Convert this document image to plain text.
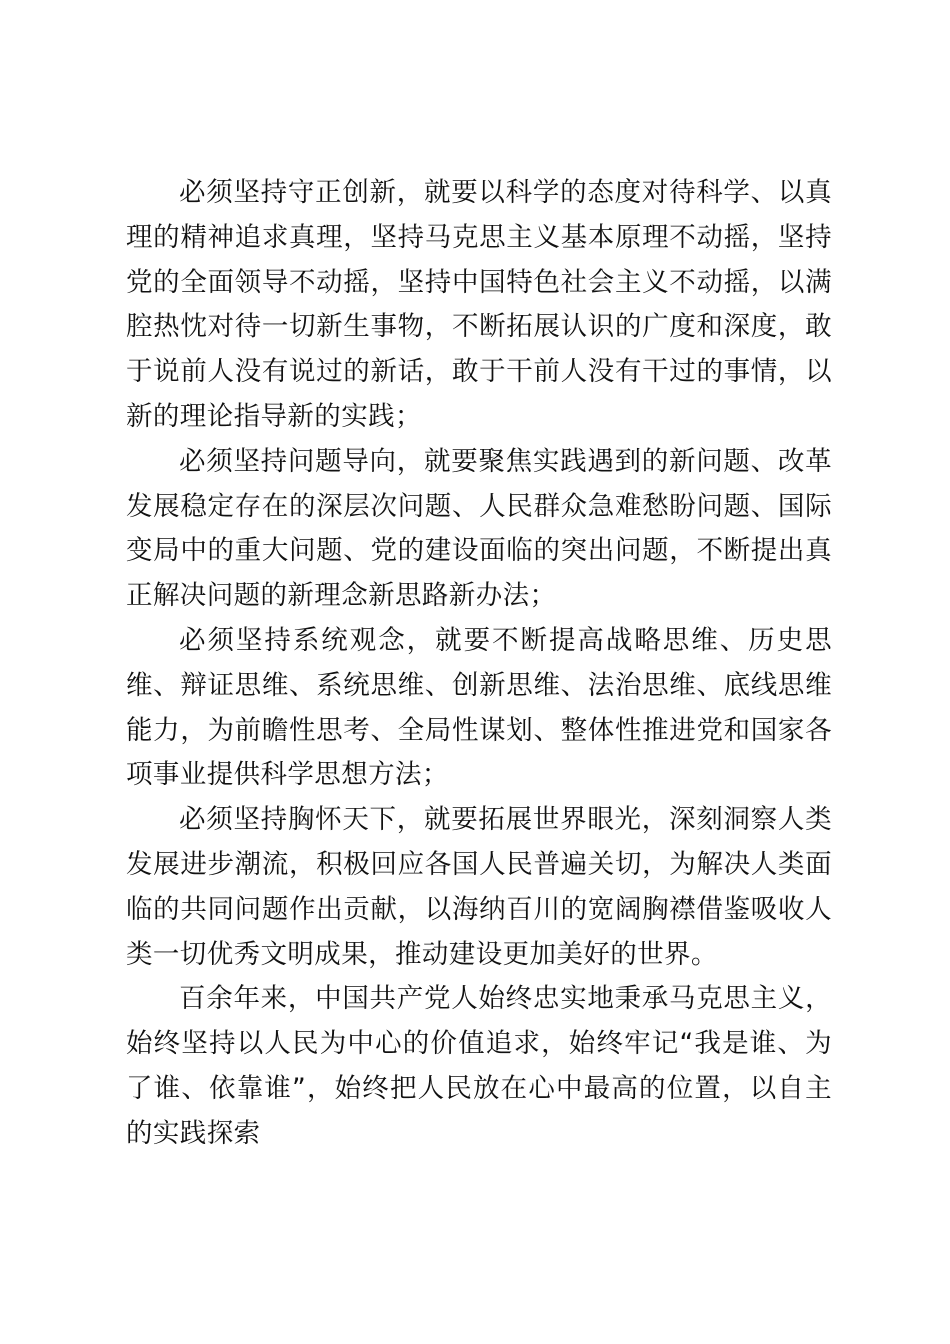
必须坚持守正创新，就要以科学的态度对待科学、以真理的精神追求真理，坚持马克思主义基本原理不动摇，坚持党的全面领导不动摇，坚持中国特色社会主义不动摇，以满腔热忱对待一切新生事物，不断拓展认识的广度和深度，敢于说前人没有说过的新话，敢于干前人没有干过的事情，以新的理论指导新的实践；

必须坚持问题导向，就要聚焦实践遇到的新问题、改革发展稳定存在的深层次问题、人民群众急难愁盼问题、国际变局中的重大问题、党的建设面临的突出问题，不断提出真正解决问题的新理念新思路新办法；

必须坚持系统观念，就要不断提高战略思维、历史思维、辩证思维、系统思维、创新思维、法治思维、底线思维能力，为前瞻性思考、全局性谋划、整体性推进党和国家各项事业提供科学思想方法；

必须坚持胸怀天下，就要拓展世界眼光，深刻洞察人类发展进步潮流，积极回应各国人民普遍关切，为解决人类面临的共同问题作出贡献，以海纳百川的宽阔胸襟借鉴吸收人类一切优秀文明成果，推动建设更加美好的世界。

百余年来，中国共产党人始终忠实地秉承马克思主义，始终坚持以人民为中心的价值追求，始终牢记“我是谁、为了谁、依靠谁”，始终把人民放在心中最高的位置，以自主的实践探索
